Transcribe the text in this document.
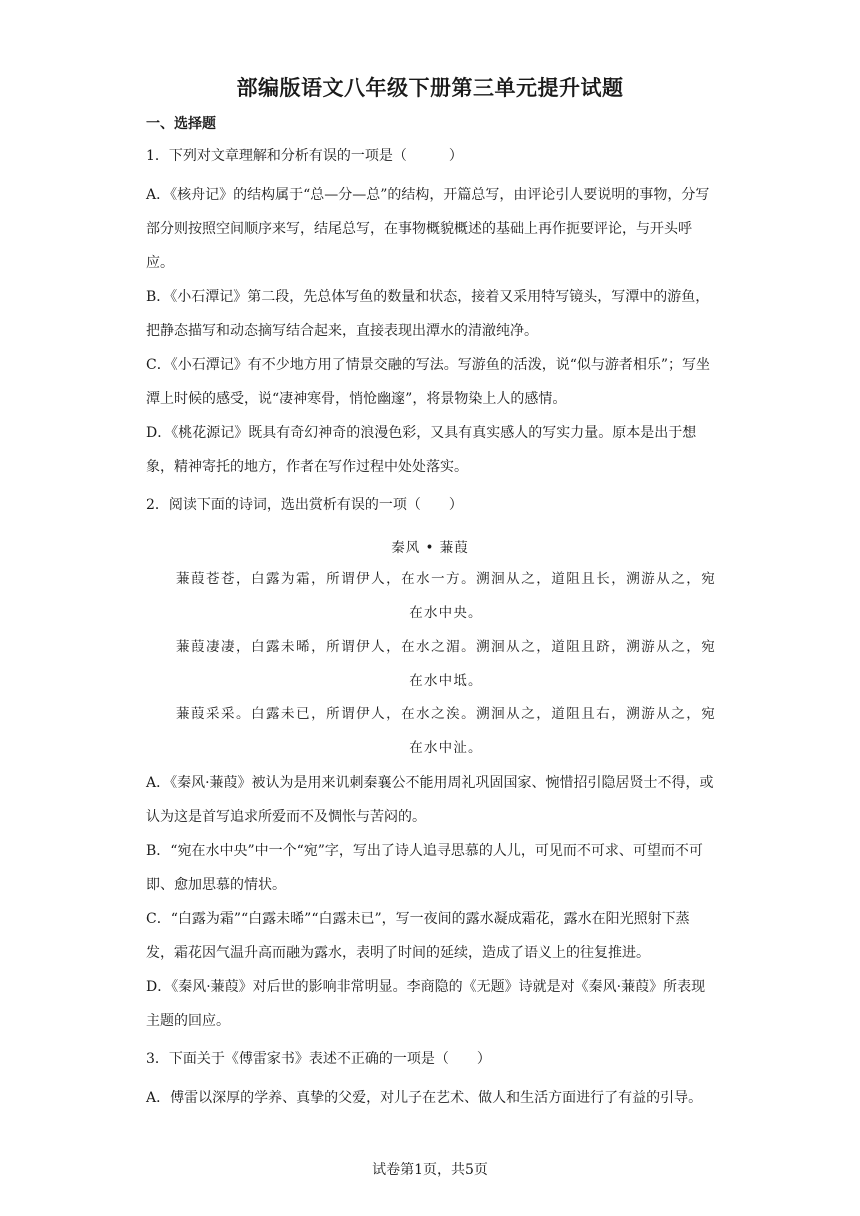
部编版语文八年级下册第三单元提升试题
一、选择题

1．下列对文章理解和分析有误的一项是（　　　）

A．《核舟记》的结构属于“总—分—总”的结构，开篇总写，由评论引人要说明的事物，分写部分则按照空间顺序来写，结尾总写，在事物概貌概述的基础上再作扼要评论，与开头呼应。

B．《小石潭记》第二段，先总体写鱼的数量和状态，接着又采用特写镜头，写潭中的游鱼，把静态描写和动态摘写结合起来，直接表现出潭水的清澈纯净。

C．《小石潭记》有不少地方用了情景交融的写法。写游鱼的活泼，说“似与游者相乐”；写坐潭上时候的感受，说“凄神寒骨，悄怆幽邃”，将景物染上人的感情。

D．《桃花源记》既具有奇幻神奇的浪漫色彩，又具有真实感人的写实力量。原本是出于想象，精神寄托的地方，作者在写作过程中处处落实。

2．阅读下面的诗词，选出赏析有误的一项（　　）

秦风 • 蒹葭

蒹葭苍苍，白露为霜，所谓伊人，在水一方。溯洄从之，道阻且长，溯游从之，宛在水中央。

蒹葭凄凄，白露未晞，所谓伊人，在水之湄。溯洄从之，道阻且跻，溯游从之，宛在水中坻。

蒹葭采采。白露未已，所谓伊人，在水之涘。溯洄从之，道阻且右，溯游从之，宛在水中沚。

A．《秦风·蒹葭》被认为是用来讥刺秦襄公不能用周礼巩固国家、惋惜招引隐居贤士不得，或认为这是首写追求所爱而不及惆怅与苦闷的。

B．“宛在水中央”中一个“宛”字，写出了诗人追寻思慕的人儿，可见而不可求、可望而不可即、愈加思慕的情状。

C．“白露为霜”“白露未晞”“白露未已”，写一夜间的露水凝成霜花，露水在阳光照射下蒸发，霜花因气温升高而融为露水，表明了时间的延续，造成了语义上的往复推进。

D．《秦风·蒹葭》对后世的影响非常明显。李商隐的《无题》诗就是对《秦风·蒹葭》所表现主题的回应。

3．下面关于《傅雷家书》表述不正确的一项是（　　）

A．傅雷以深厚的学养、真挚的父爱，对儿子在艺术、做人和生活方面进行了有益的引导。

试卷第1页，共5页
